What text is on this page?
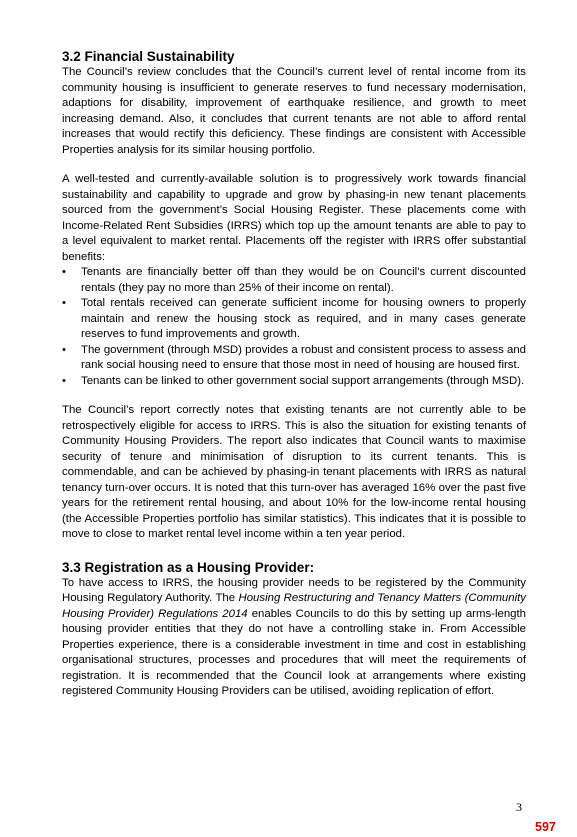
3.2 Financial Sustainability

The Council’s review concludes that the Council’s current level of rental income from its community housing is insufficient to generate reserves to fund necessary modernisation, adaptions for disability, improvement of earthquake resilience, and growth to meet increasing demand. Also, it concludes that current tenants are not able to afford rental increases that would rectify this deficiency. These findings are consistent with Accessible Properties analysis for its similar housing portfolio.

A well-tested and currently-available solution is to progressively work towards financial sustainability and capability to upgrade and grow by phasing-in new tenant placements sourced from the government’s Social Housing Register. These placements come with Income-Related Rent Subsidies (IRRS) which top up the amount tenants are able to pay to a level equivalent to market rental. Placements off the register with IRRS offer substantial benefits:

• Tenants are financially better off than they would be on Council’s current discounted rentals (they pay no more than 25% of their income on rental).
• Total rentals received can generate sufficient income for housing owners to properly maintain and renew the housing stock as required, and in many cases generate reserves to fund improvements and growth.
• The government (through MSD) provides a robust and consistent process to assess and rank social housing need to ensure that those most in need of housing are housed first.
• Tenants can be linked to other government social support arrangements (through MSD).

The Council’s report correctly notes that existing tenants are not currently able to be retrospectively eligible for access to IRRS. This is also the situation for existing tenants of Community Housing Providers. The report also indicates that Council wants to maximise security of tenure and minimisation of disruption to its current tenants. This is commendable, and can be achieved by phasing-in tenant placements with IRRS as natural tenancy turn-over occurs. It is noted that this turn-over has averaged 16% over the past five years for the retirement rental housing, and about 10% for the low-income rental housing (the Accessible Properties portfolio has similar statistics). This indicates that it is possible to move to close to market rental level income within a ten year period.

3.3 Registration as a Housing Provider:

To have access to IRRS, the housing provider needs to be registered by the Community Housing Regulatory Authority. The Housing Restructuring and Tenancy Matters (Community Housing Provider) Regulations 2014 enables Councils to do this by setting up arms-length housing provider entities that they do not have a controlling stake in. From Accessible Properties experience, there is a considerable investment in time and cost in establishing organisational structures, processes and procedures that will meet the requirements of registration. It is recommended that the Council look at arrangements where existing registered Community Housing Providers can be utilised, avoiding replication of effort.

3
597
